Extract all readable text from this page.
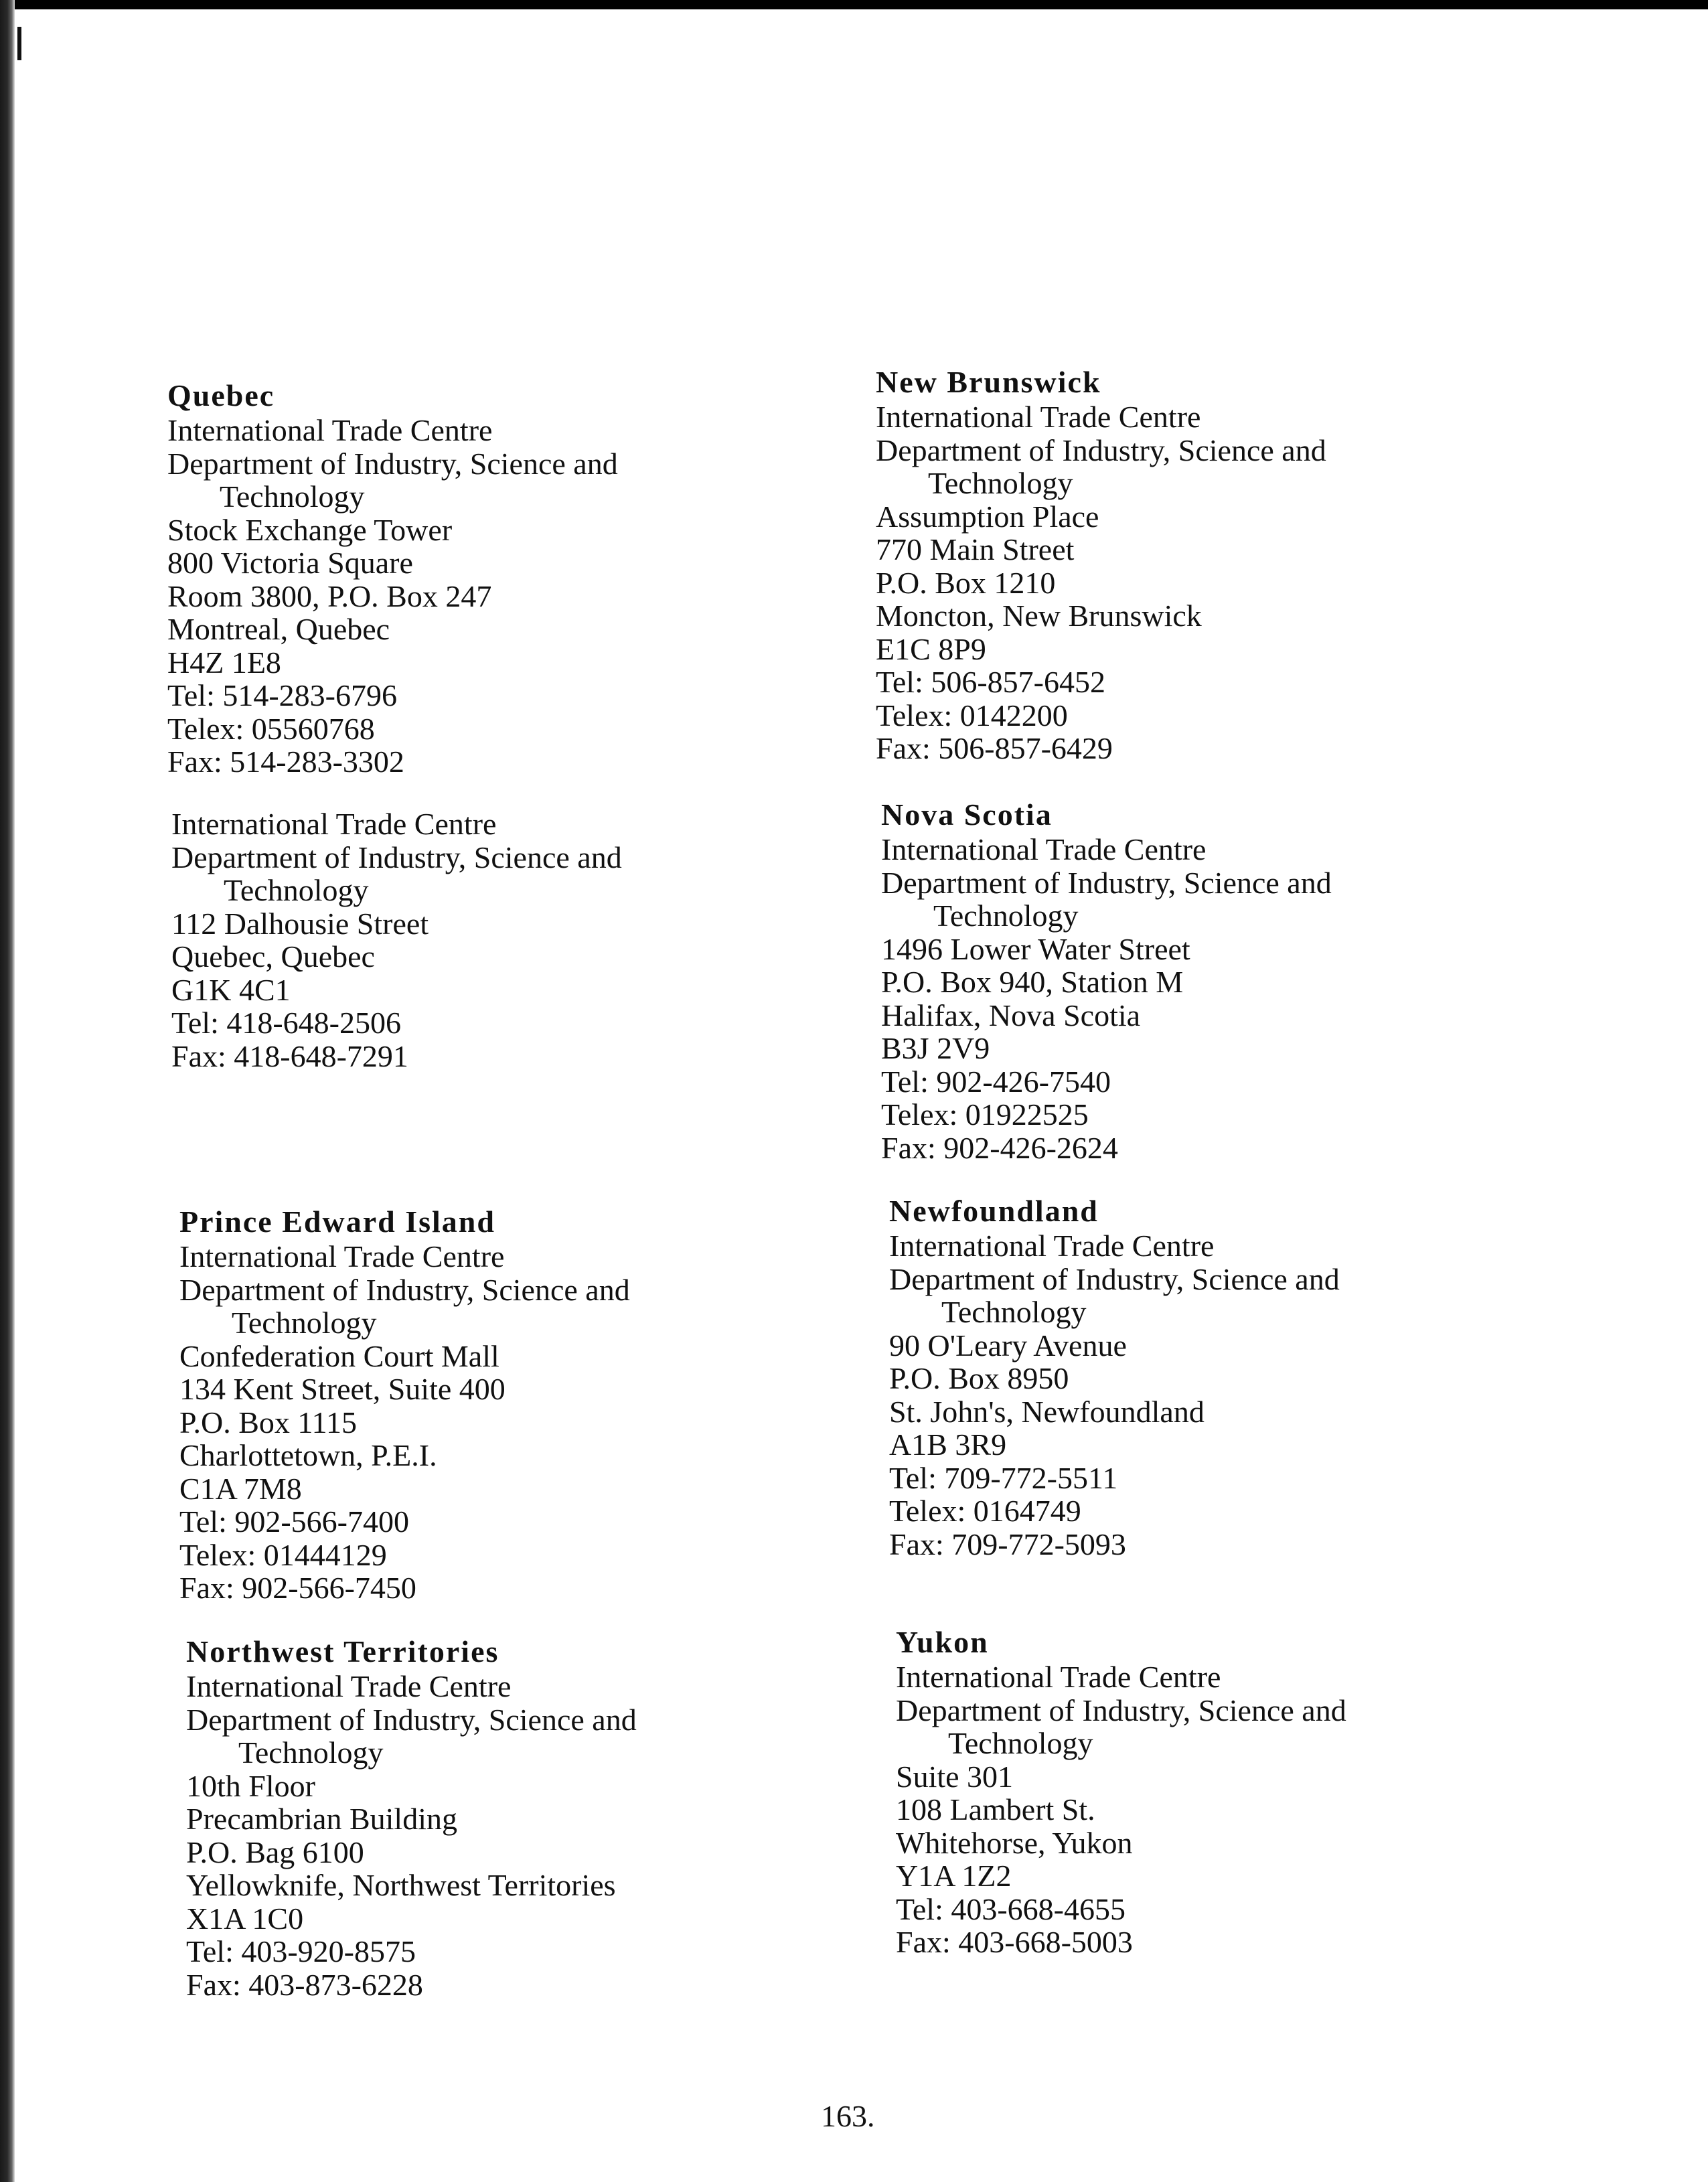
Quebec
International Trade Centre
Department of Industry, Science and
Technology
Stock Exchange Tower
800 Victoria Square
Room 3800, P.O. Box 247
Montreal, Quebec
H4Z 1E8
Tel: 514-283-6796
Telex: 05560768
Fax: 514-283-3302
International Trade Centre
Department of Industry, Science and
Technology
112 Dalhousie Street
Quebec, Quebec
G1K 4C1
Tel: 418-648-2506
Fax: 418-648-7291
Prince Edward Island
International Trade Centre
Department of Industry, Science and
Technology
Confederation Court Mall
134 Kent Street, Suite 400
P.O. Box 1115
Charlottetown, P.E.I.
C1A 7M8
Tel: 902-566-7400
Telex: 01444129
Fax: 902-566-7450
Northwest Territories
International Trade Centre
Department of Industry, Science and
Technology
10th Floor
Precambrian Building
P.O. Bag 6100
Yellowknife, Northwest Territories
X1A 1C0
Tel: 403-920-8575
Fax: 403-873-6228
New Brunswick
International Trade Centre
Department of Industry, Science and
Technology
Assumption Place
770 Main Street
P.O. Box 1210
Moncton, New Brunswick
E1C 8P9
Tel: 506-857-6452
Telex: 0142200
Fax: 506-857-6429
Nova Scotia
International Trade Centre
Department of Industry, Science and
Technology
1496 Lower Water Street
P.O. Box 940, Station M
Halifax, Nova Scotia
B3J 2V9
Tel: 902-426-7540
Telex: 01922525
Fax: 902-426-2624
Newfoundland
International Trade Centre
Department of Industry, Science and
Technology
90 O'Leary Avenue
P.O. Box 8950
St. John's, Newfoundland
A1B 3R9
Tel: 709-772-5511
Telex: 0164749
Fax: 709-772-5093
Yukon
International Trade Centre
Department of Industry, Science and
Technology
Suite 301
108 Lambert St.
Whitehorse, Yukon
Y1A 1Z2
Tel: 403-668-4655
Fax: 403-668-5003
163.
